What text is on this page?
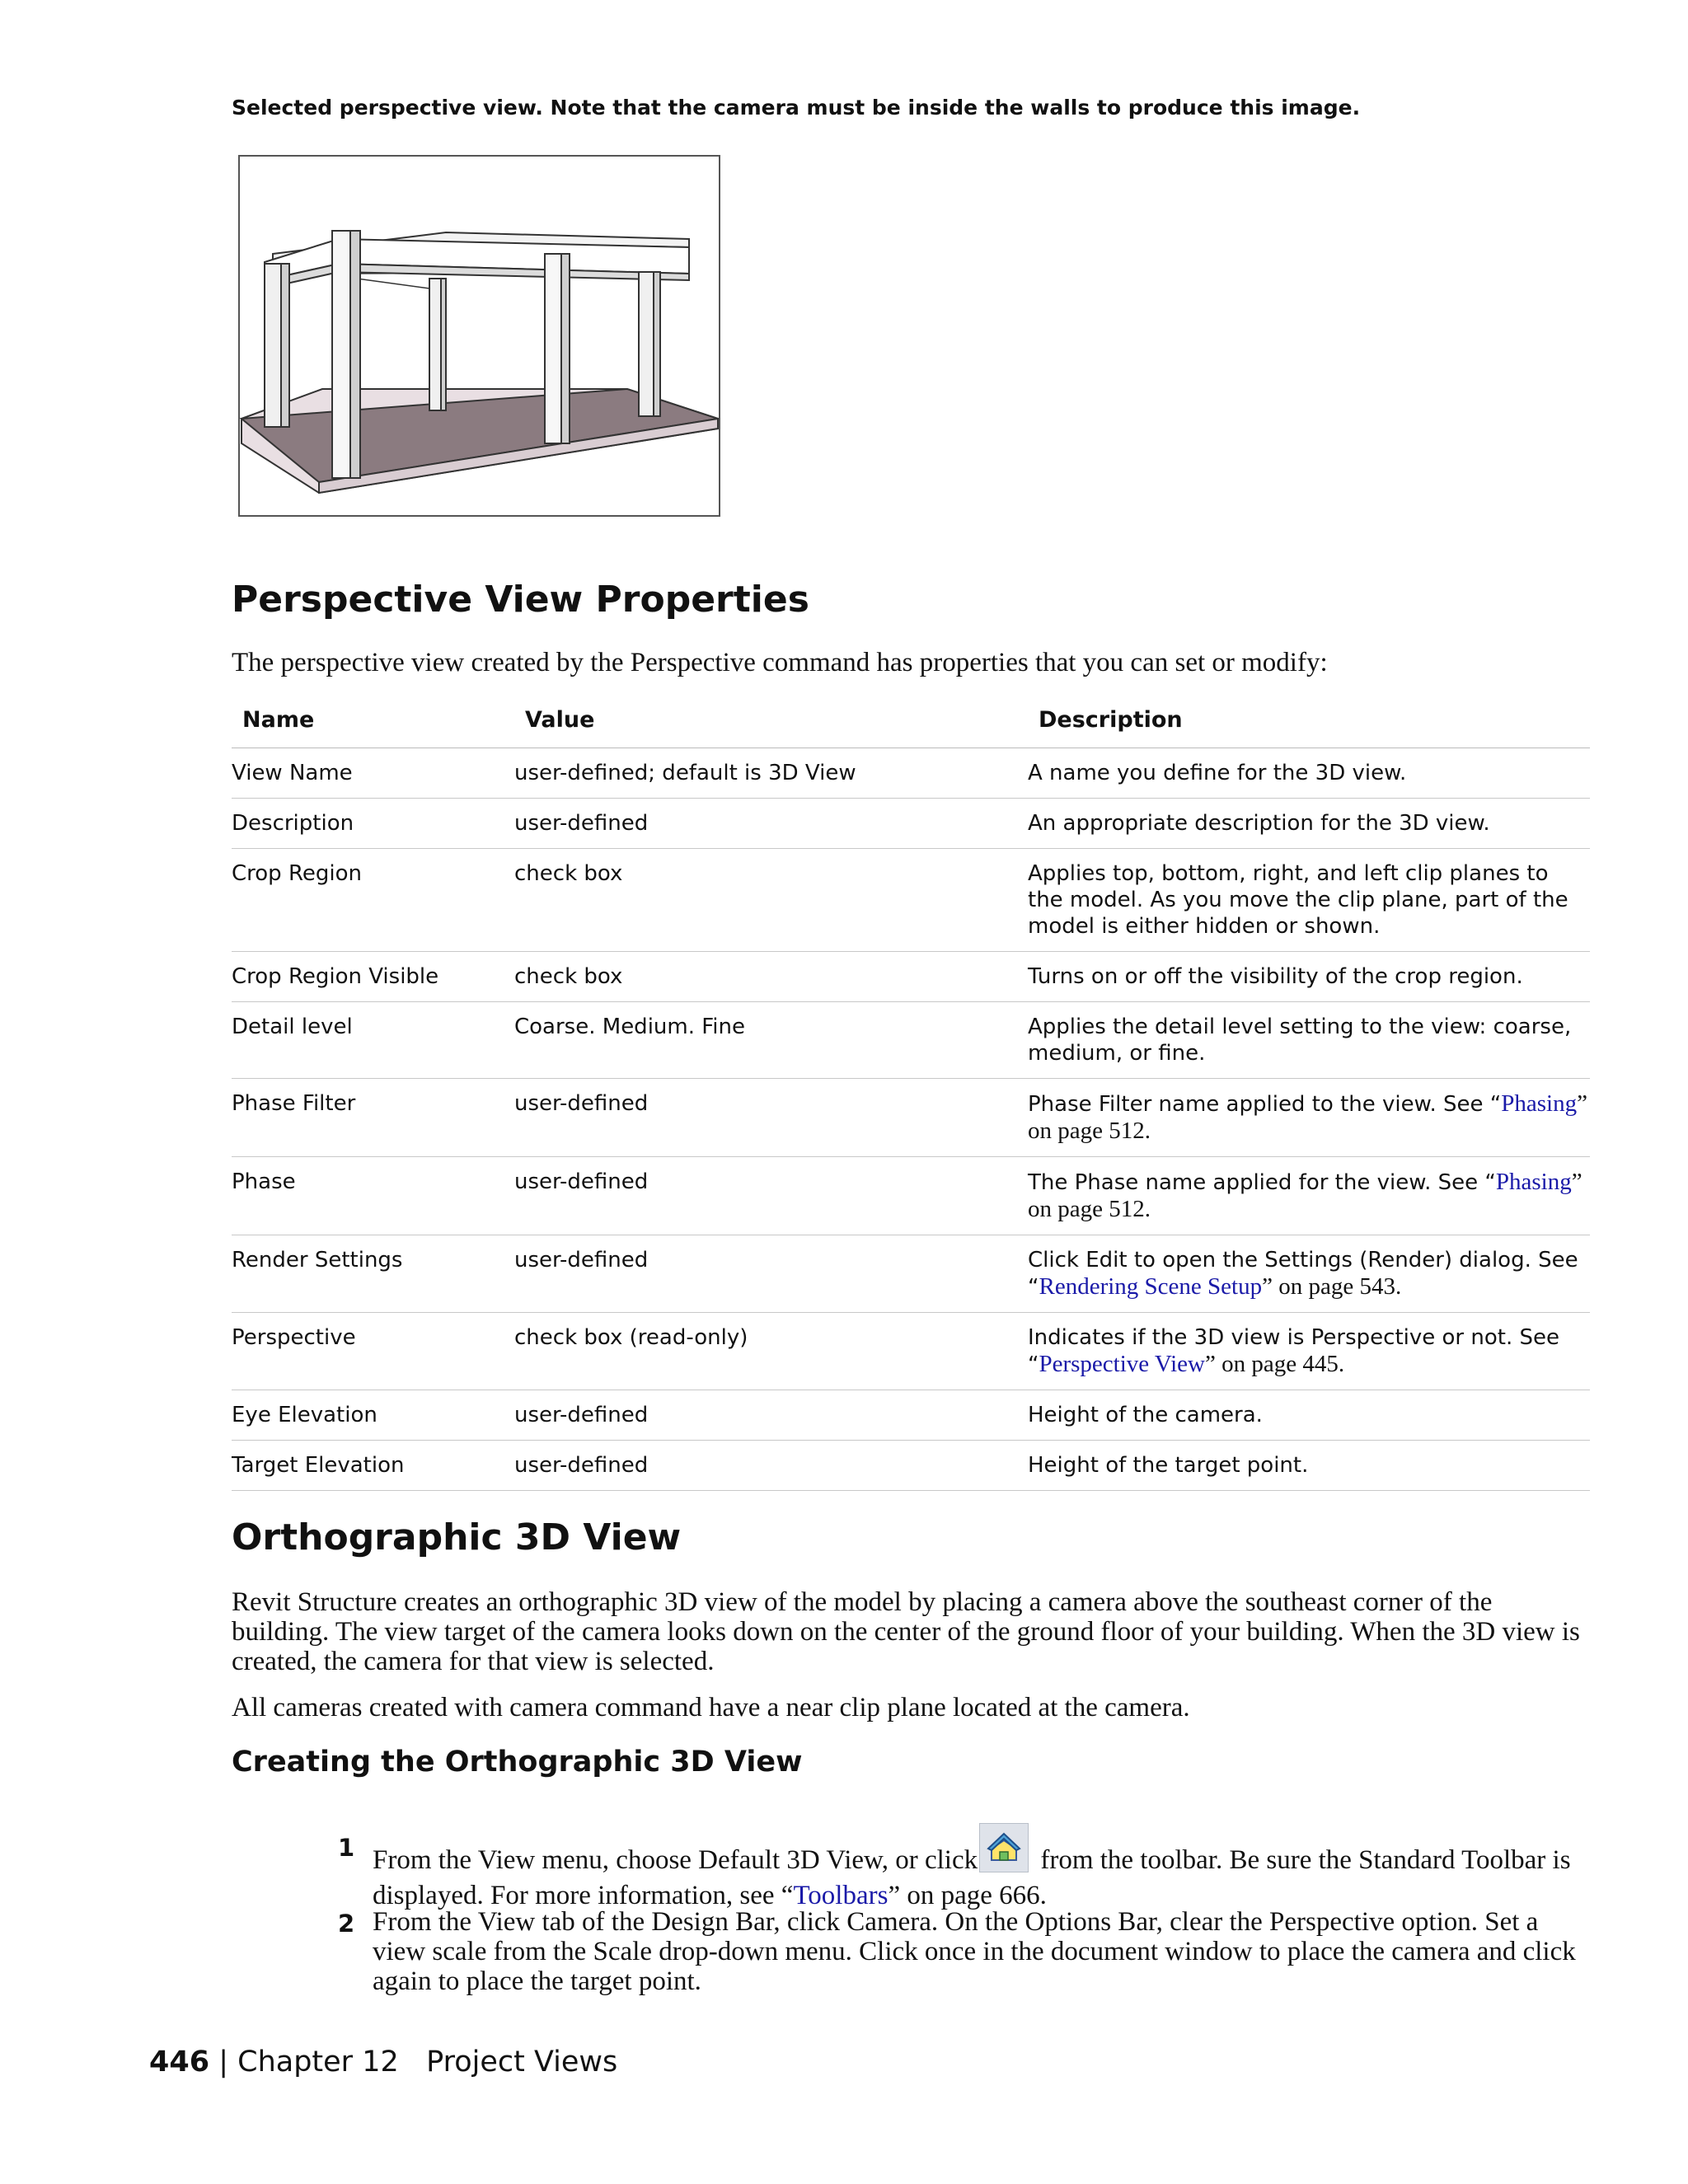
Selected perspective view. Note that the camera must be inside the walls to produce this image.
Perspective View Properties

The perspective view created by the Perspective command has properties that you can set or modify:

Name	Value	Description
View Name	user-defined; default is 3D View	A name you define for the 3D view.
Description	user-defined	An appropriate description for the 3D view.
Crop Region	check box	Applies top, bottom, right, and left clip planes to the model. As you move the clip plane, part of the model is either hidden or shown.
Crop Region Visible	check box	Turns on or off the visibility of the crop region.
Detail level	Coarse. Medium. Fine	Applies the detail level setting to the view: coarse, medium, or fine.
Phase Filter	user-defined	Phase Filter name applied to the view. See “Phasing” on page 512.
Phase	user-defined	The Phase name applied for the view. See “Phasing” on page 512.
Render Settings	user-defined	Click Edit to open the Settings (Render) dialog. See “Rendering Scene Setup” on page 543.
Perspective	check box (read-only)	Indicates if the 3D view is Perspective or not. See “Perspective View” on page 445.
Eye Elevation	user-defined	Height of the camera.
Target Elevation	user-defined	Height of the target point.
Orthographic 3D View

Revit Structure creates an orthographic 3D view of the model by placing a camera above the southeast corner of the building. The view target of the camera looks down on the center of the ground floor of your building. When the 3D view is created, the camera for that view is selected.

All cameras created with camera command have a near clip plane located at the camera.

Creating the Orthographic 3D View
1 From the View menu, choose Default 3D View, or click from the toolbar. Be sure the Standard Toolbar is displayed. For more information, see “Toolbars” on page 666.
2 From the View tab of the Design Bar, click Camera. On the Options Bar, clear the Perspective option. Set a view scale from the Scale drop-down menu. Click once in the document window to place the camera and click again to place the target point.
446 | Chapter 12 Project Views
